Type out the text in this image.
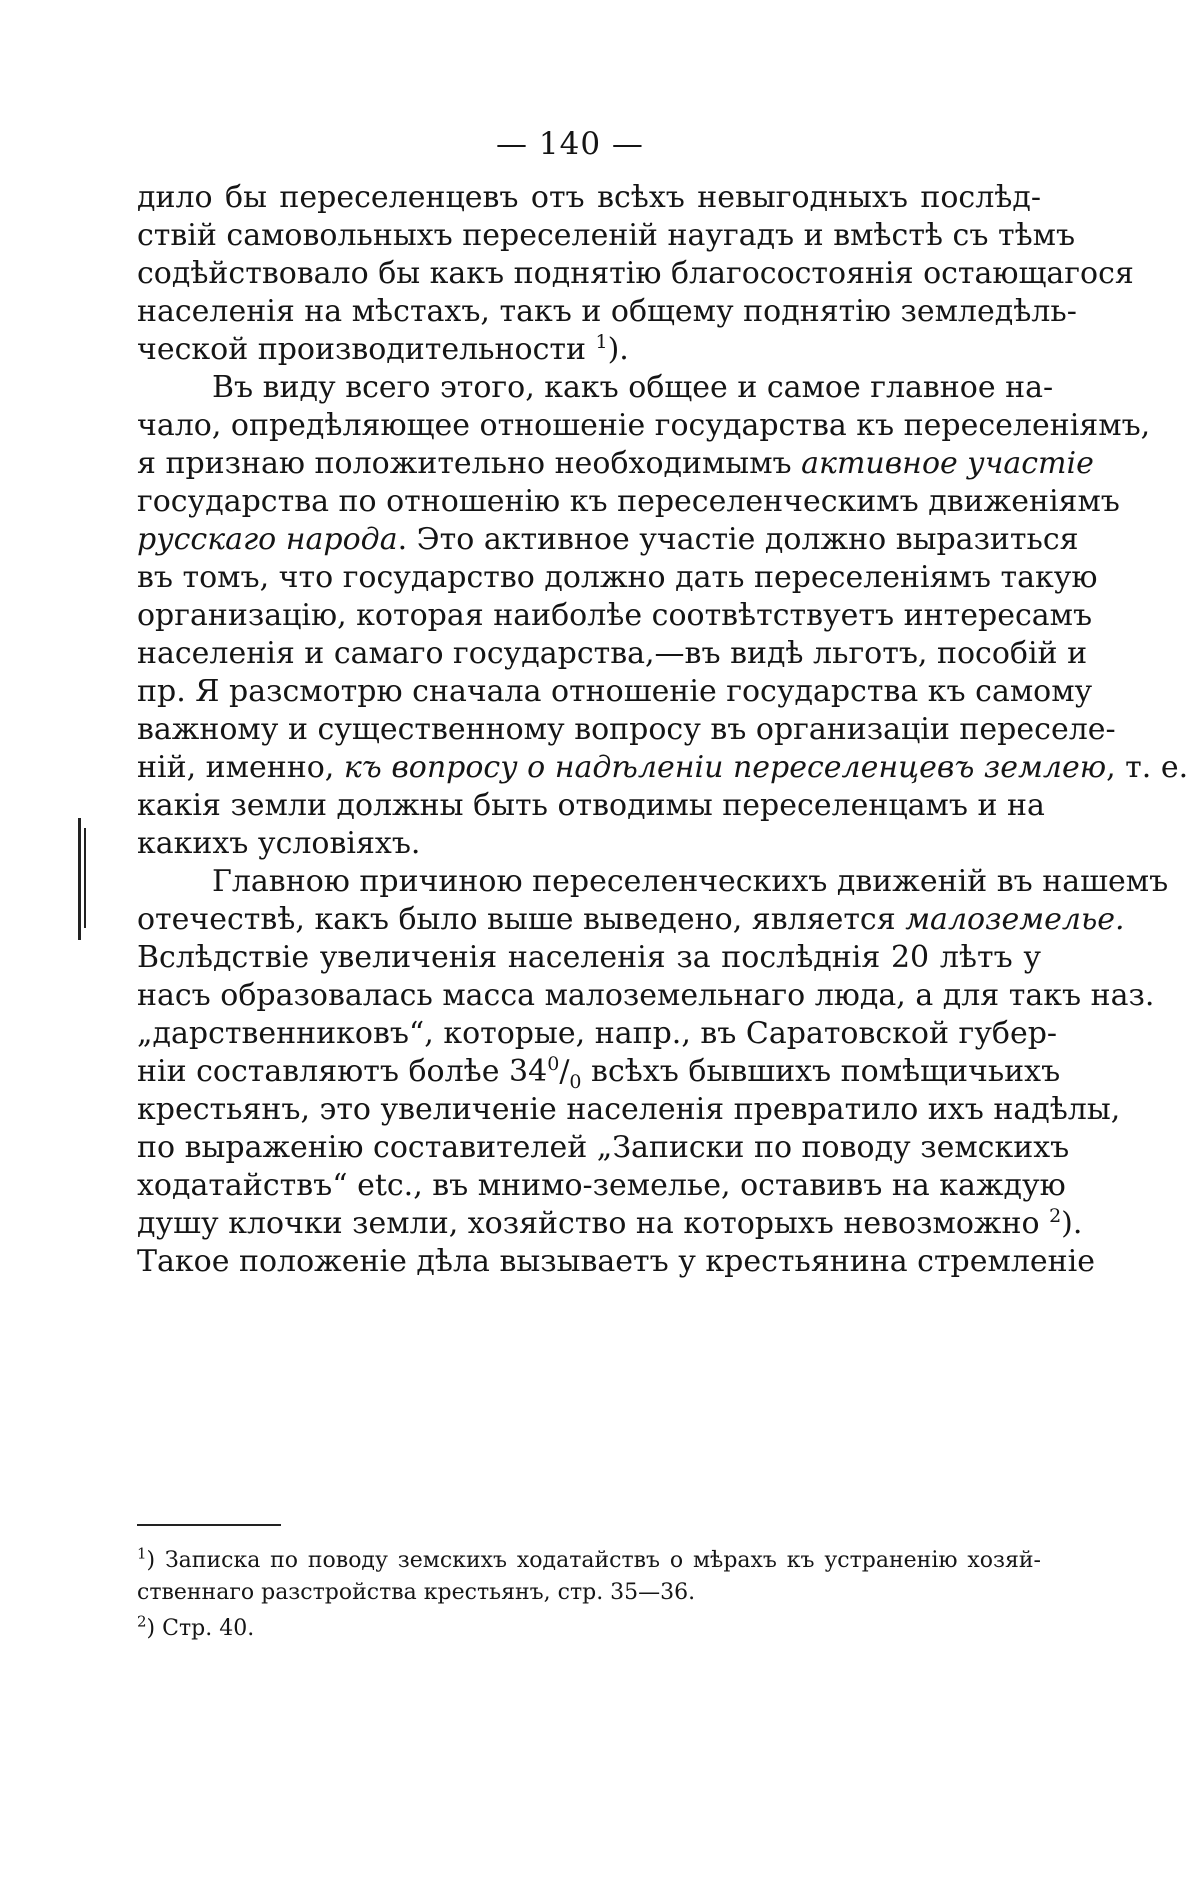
— 140 —
дило бы переселенцевъ отъ всѣхъ невыгодныхъ послѣд-
ствій самовольныхъ переселеній наугадъ и вмѣстѣ съ тѣмъ
содѣйствовало бы какъ поднятію благосостоянія остающагося
населенія на мѣстахъ, такъ и общему поднятію земледѣль-
ческой производительности $^1$).
Въ виду всего этого, какъ общее и самое главное на-
чало, опредѣляющее отношеніе государства къ переселеніямъ,
я признаю положительно необходимымъ активное участіе
государства по отношенію къ переселенческимъ движеніямъ
русскаго народа. Это активное участіе должно выразиться
въ томъ, что государство должно дать переселеніямъ такую
организацію, которая наиболѣе соотвѣтствуетъ интересамъ
населенія и самаго государства,—въ видѣ льготъ, пособій и
пр. Я разсмотрю сначала отношеніе государства къ самому
важному и существенному вопросу въ организаціи переселе-
ній, именно, къ вопросу о надѣленіи переселенцевъ землею, т. е.
какія земли должны быть отводимы переселенцамъ и на
какихъ условіяхъ.
Главною причиною переселенческихъ движеній въ нашемъ
отечествѣ, какъ было выше выведено, является малоземелье.
Вслѣдствіе увеличенія населенія за послѣднія 20 лѣтъ у
насъ образовалась масса малоземельнаго люда, а для такъ наз.
„дарственниковъ“, которые, напр., въ Саратовской губер-
ніи составляютъ болѣе $34^0/_0$ всѣхъ бывшихъ помѣщичьихъ
крестьянъ, это увеличеніе населенія превратило ихъ надѣлы,
по выраженію составителей „Записки по поводу земскихъ
ходатайствъ“ etc., въ мнимо-земелье, оставивъ на каждую
душу клочки земли, хозяйство на которыхъ невозможно $^2$).
Такое положеніе дѣла вызываетъ у крестьянина стремленіе
$^1$) Записка по поводу земскихъ ходатайствъ о мѣрахъ къ устраненію хозяй-
ственнаго разстройства крестьянъ, стр. 35—36.
$^2$) Стр. 40.
